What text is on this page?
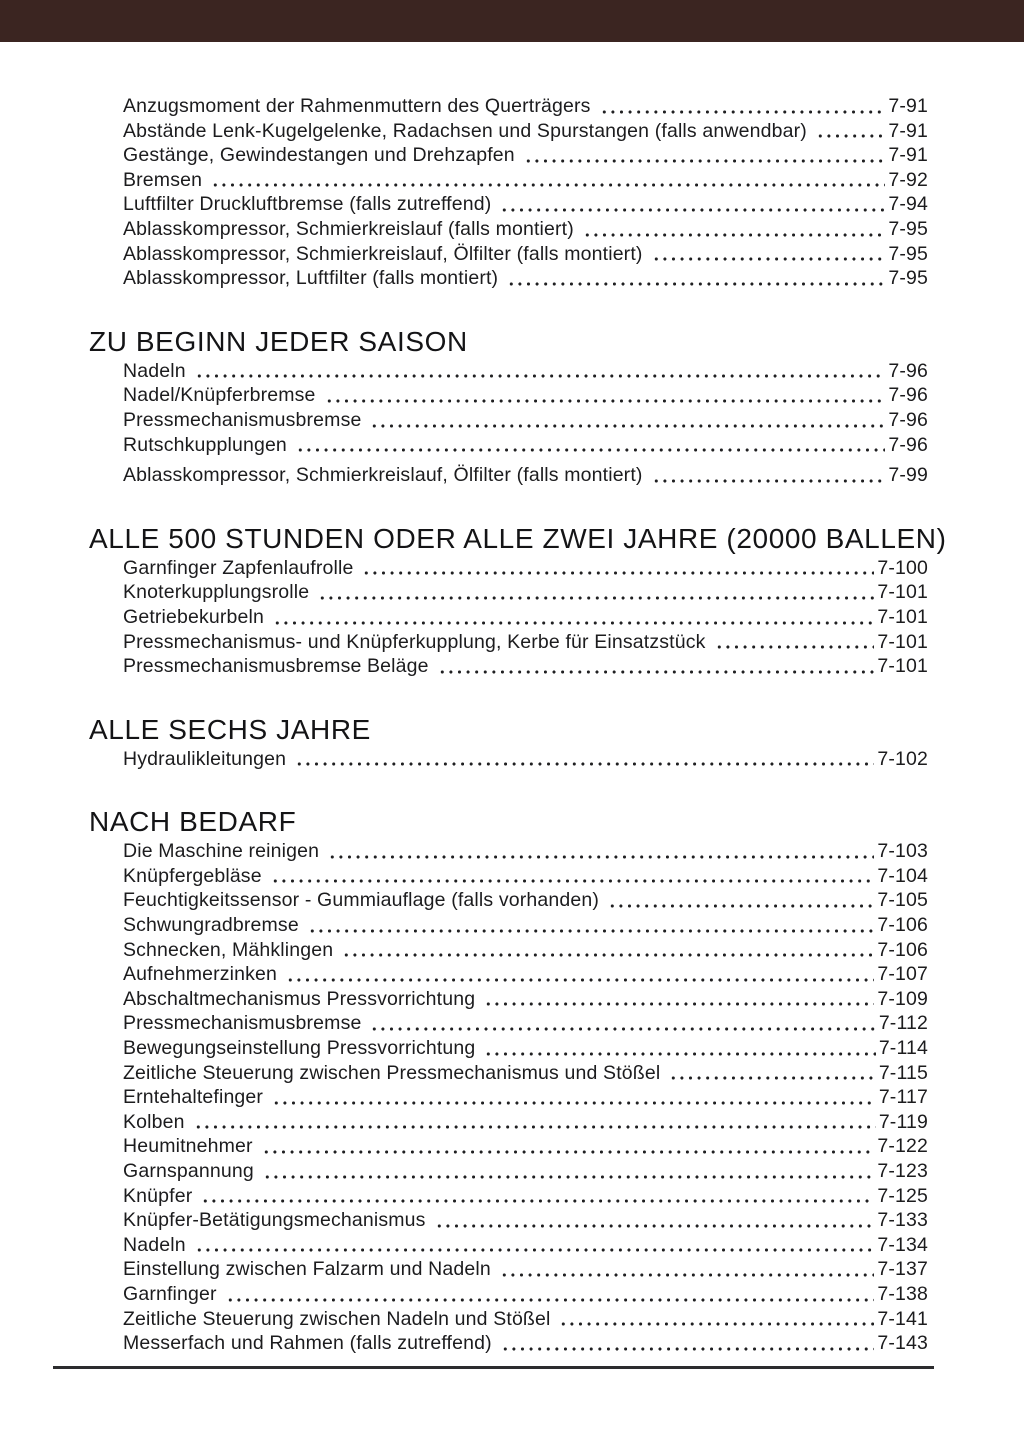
Anzugsmoment der Rahmenmuttern des Querträgers	7-91
Abstände Lenk-Kugelgelenke, Radachsen und Spurstangen (falls anwendbar)	7-91
Gestänge, Gewindestangen und Drehzapfen	7-91
Bremsen	7-92
Luftfilter Druckluftbremse (falls zutreffend)	7-94
Ablasskompressor, Schmierkreislauf (falls montiert)	7-95
Ablasskompressor, Schmierkreislauf, Ölfilter (falls montiert)	7-95
Ablasskompressor, Luftfilter (falls montiert)	7-95
ZU BEGINN JEDER SAISON
Nadeln	7-96
Nadel/Knüpferbremse	7-96
Pressmechanismusbremse	7-96
Rutschkupplungen	7-96
Ablasskompressor, Schmierkreislauf, Ölfilter (falls montiert)	7-99
ALLE 500 STUNDEN ODER ALLE ZWEI JAHRE (20000 BALLEN)
Garnfinger Zapfenlaufrolle	7-100
Knoterkupplungsrolle	7-101
Getriebekurbeln	7-101
Pressmechanismus- und Knüpferkupplung, Kerbe für Einsatzstück	7-101
Pressmechanismusbremse Beläge	7-101
ALLE SECHS JAHRE
Hydraulikleitungen	7-102
NACH BEDARF
Die Maschine reinigen	7-103
Knüpfergebläse	7-104
Feuchtigkeitssensor - Gummiauflage (falls vorhanden)	7-105
Schwungradbremse	7-106
Schnecken, Mähklingen	7-106
Aufnehmerzinken	7-107
Abschaltmechanismus Pressvorrichtung	7-109
Pressmechanismusbremse	7-112
Bewegungseinstellung Pressvorrichtung	7-114
Zeitliche Steuerung zwischen Pressmechanismus und Stößel	7-115
Erntehaltefinger	7-117
Kolben	7-119
Heumitnehmer	7-122
Garnspannung	7-123
Knüpfer	7-125
Knüpfer-Betätigungsmechanismus	7-133
Nadeln	7-134
Einstellung zwischen Falzarm und Nadeln	7-137
Garnfinger	7-138
Zeitliche Steuerung zwischen Nadeln und Stößel	7-141
Messerfach und Rahmen (falls zutreffend)	7-143
